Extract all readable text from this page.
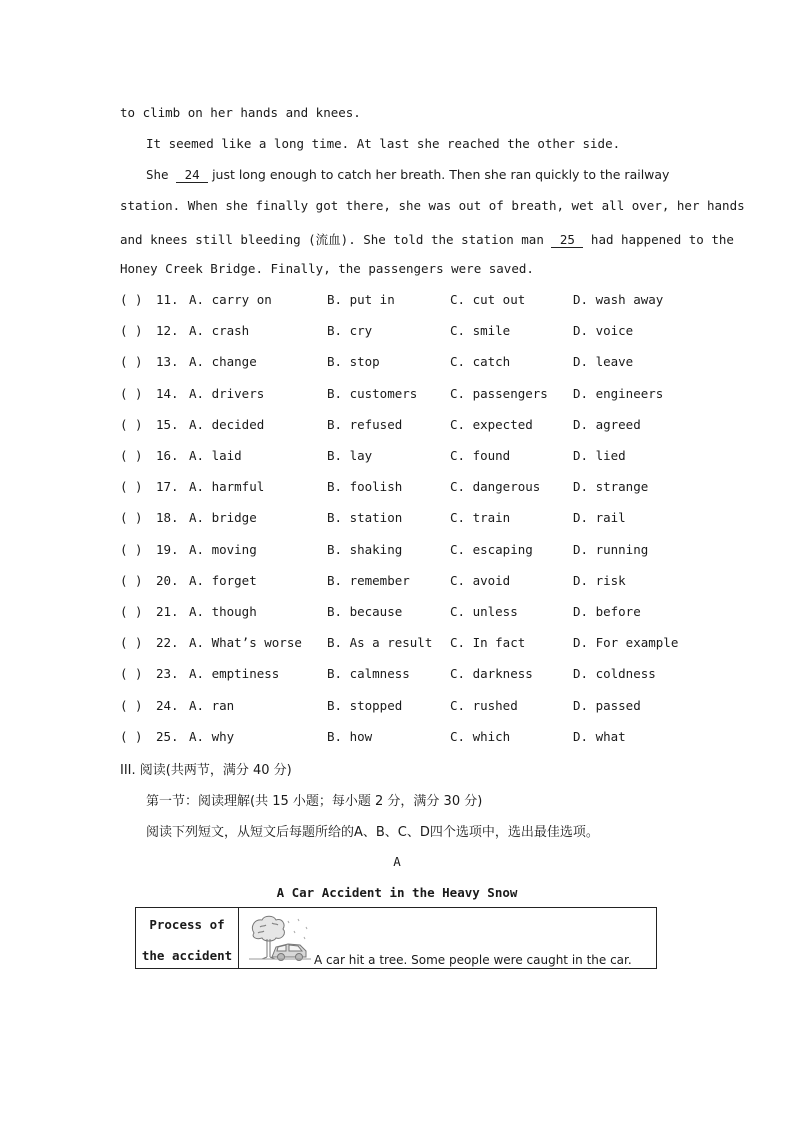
to climb on her hands and knees.
It seemed like a long time. At last she reached the other side.
She 24 just long enough to catch her breath. Then she ran quickly to the railway
station. When she finally got there, she was out of breath, wet all over, her hands
and knees still bleeding (流血). She told the station man 25 had happened to the
Honey Creek Bridge. Finally, the passengers were saved.
( ) 11. A. carry on	B. put in	C. cut out	D. wash away
( ) 12. A. crash	B. cry	C. smile	D. voice
( ) 13. A. change	B. stop	C. catch	D. leave
( ) 14. A. drivers	B. customers	C. passengers D. engineers
( ) 15. A. decided	B. refused	C. expected	D. agreed
( ) 16. A. laid	B. lay	C. found	D. lied
( ) 17. A. harmful	B. foolish	C. dangerous	D. strange
( ) 18. A. bridge	B. station	C. train	D. rail
( ) 19. A. moving	B. shaking	C. escaping	D. running
( ) 20. A. forget	B. remember	C. avoid	D. risk
( ) 21. A. though	B. because	C. unless	D. before
( ) 22. A. What’s worse B. As a result C. In fact	D. For example
( ) 23. A. emptiness	B. calmness	C. darkness	D. coldness
( ) 24. A. ran	B. stopped	C. rushed	D. passed
( ) 25. A. why	B. how	C. which	D. what
III. 阅读(共两节，满分 40 分)
第一节：阅读理解(共 15 小题；每小题 2 分，满分 30 分)
阅读下列短文，从短文后每题所给的A、B、C、D四个选项中，选出最佳选项。
A
A Car Accident in the Heavy Snow
Process of
the accident	A car hit a tree. Some people were caught in the car.
